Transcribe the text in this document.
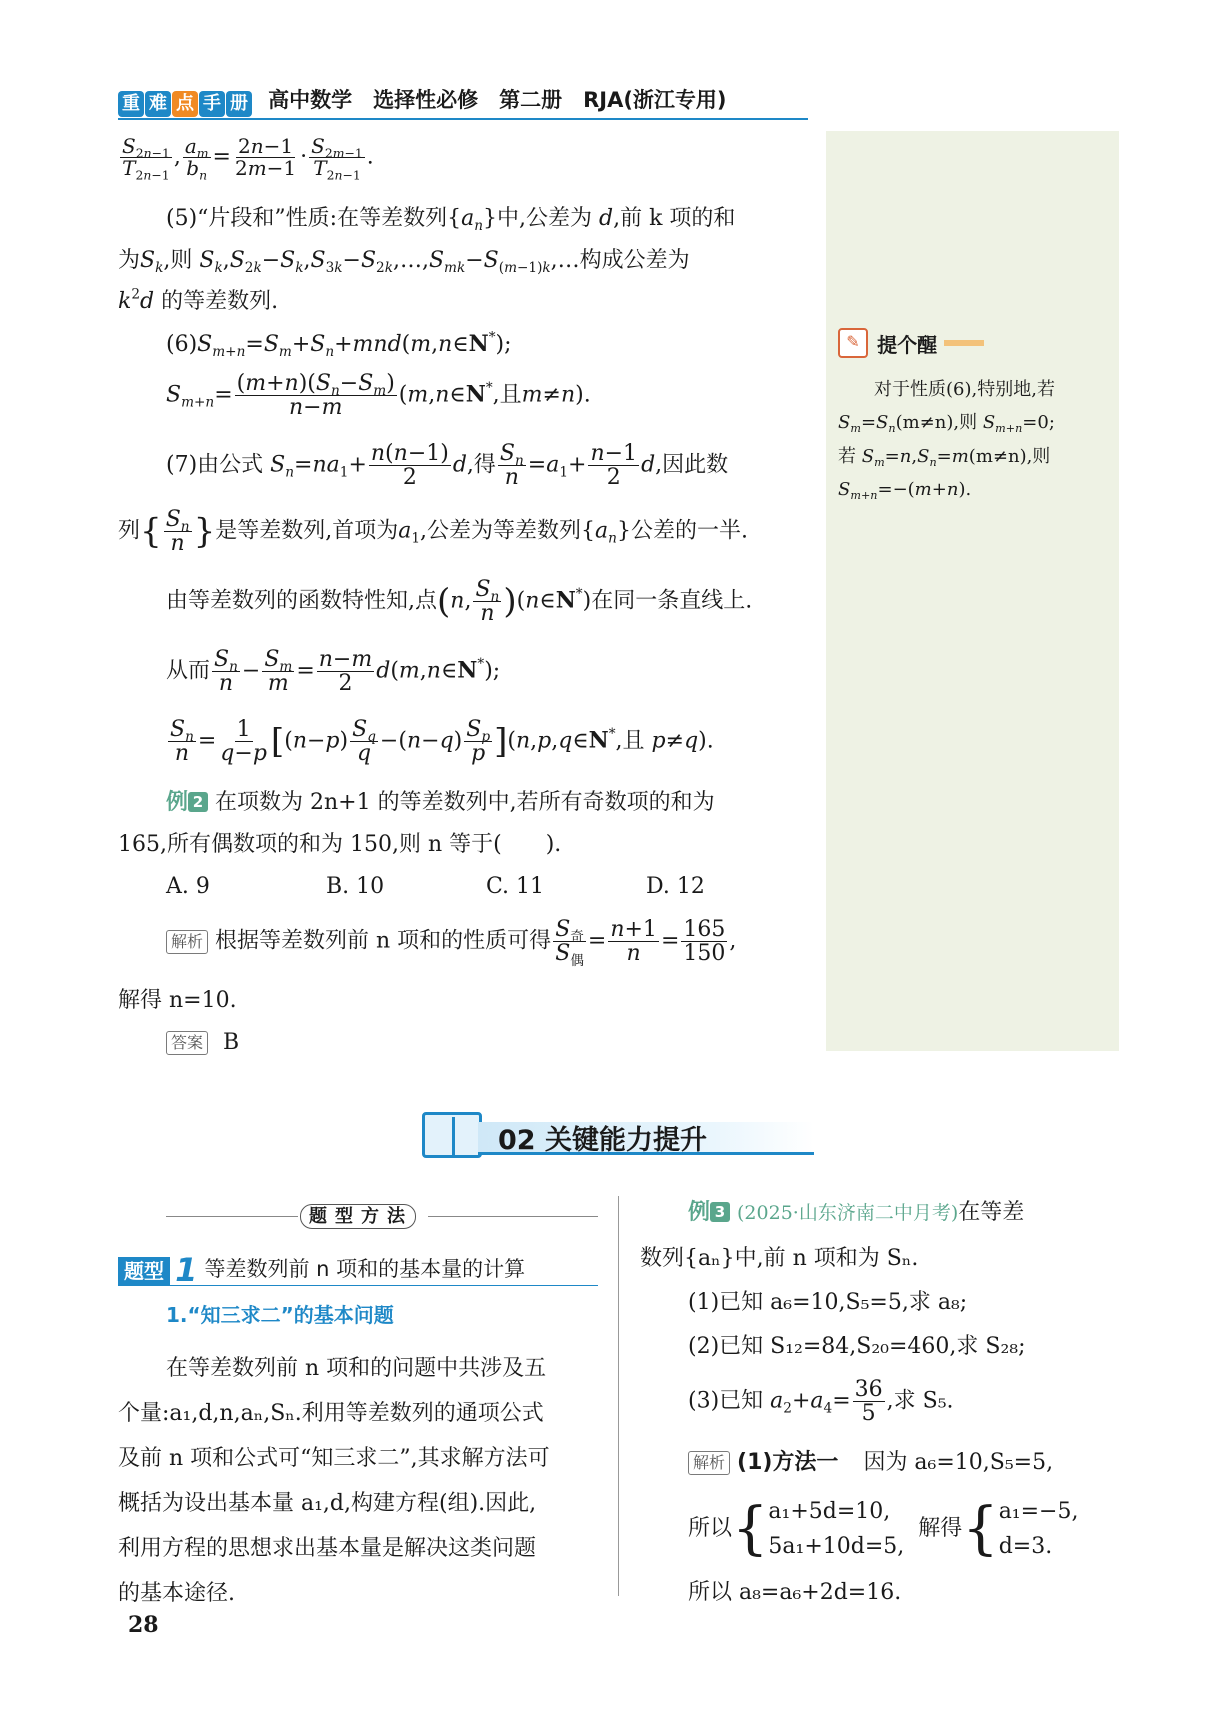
重 难 点 手 册 高中数学　选择性必修　第二册　RJA(浙江专用)
✎ 提个醒
对于性质(6),特别地,若
$S_m=S_n(m\ne n)$,则 $S_{m+n}=0$;
若 $S_m=n,S_n=m(m\ne n)$,则
$S_{m+n}=-(m+n)$.
$\frac{S_{2n-1}}{T_{2n-1}}$ , $\frac{a_m}{b_n} = \frac{2n-1}{2m-1} \cdot \frac{S_{2m-1}}{T_{2n-1}}$ .
(5)“片段和”性质:在等差数列$\{a_n\}$中,公差为 d,前 k 项的和
为$S_k$,则 $S_k,S_{2k}-S_k,S_{3k}-S_{2k},\dots,S_{mk}-S_{(m-1)k},\dots$构成公差为
$k^2d$ 的等差数列.
$(6)S_{m+n}=S_m+S_n+mnd(m,n\in N^*)$;
$S_{m+n}= \frac{(m+n)(S_n-S_m)}{n-m}$ (m,n∈N*,且m≠n).
(7)由公式 $S_n=na_1+ \frac{n(n-1)}{2} d$,得 $\frac{S_n}{n} =a_1+ \frac{n-1}{2} d$,因此数
列{ $\frac{S_n}{n}$ }是等差数列,首项为$a_1$,公差为等差数列$\{a_n\}$公差的一半.
由等差数列的函数特性知,点(n, $\frac{S_n}{n}$ )(n∈N*)在同一条直线上.
从而 $\frac{S_n}{n} - \frac{S_m}{m} = \frac{n-m}{2}$ d(m,n∈N*);
$\frac{S_n}{n} = \frac{1}{q-p} [(n-p) \frac{S_q}{q} -(n-q) \frac{S_p}{p}$ ](n,p,q∈N*,且 p≠q).
例 2 在项数为 2n+1 的等差数列中,若所有奇数项的和为
165,所有偶数项的和为 150,则 n 等于(　　).
A. 9	B. 10	C. 11	D. 12
解析 根据等差数列前 n 项和的性质可得 $\frac{S_奇}{S_偶} = \frac{n+1}{n} = \frac{165}{150}$ ,
解得 n=10.
答案 B
02 关键能力提升
题型方法
题型 1 等差数列前 n 项和的基本量的计算
1.“知三求二”的基本问题
在等差数列前 n 项和的问题中共涉及五
个量:a₁,d,n,aₙ,Sₙ.利用等差数列的通项公式
及前 n 项和公式可“知三求二”,其求解方法可
概括为设出基本量 a₁,d,构建方程(组).因此,
利用方程的思想求出基本量是解决这类问题
的基本途径.
例 3 (2025·山东济南二中月考)在等差
数列{aₙ}中,前 n 项和为 Sₙ.
(1)已知 a₆=10,S₅=5,求 a₈;
(2)已知 S₁₂=84,S₂₀=460,求 S₂₈;
(3)已知 $a_2+a_4= \frac{36}{5}$ ,求 S₅.
解析 (1)方法一 因为 a₆=10,S₅=5,
所以{ a₁+5d=10,
5a₁+10d=5,
解得{ a₁=−5,
d=3.
所以 a₈=a₆+2d=16.
28
